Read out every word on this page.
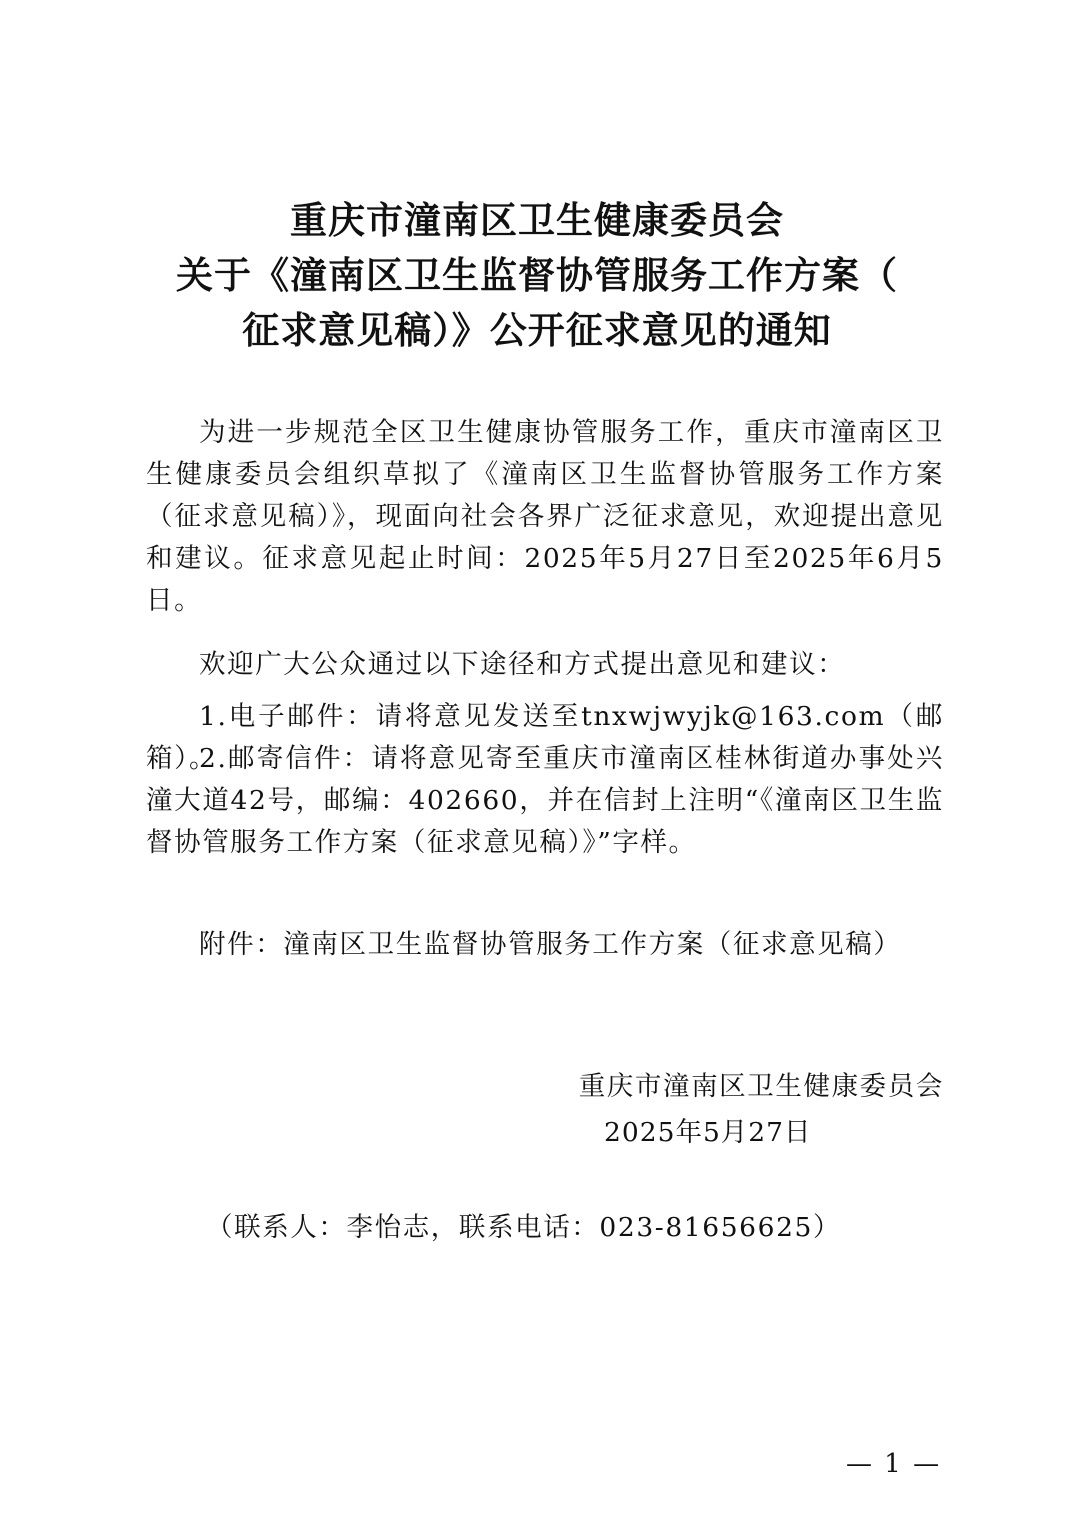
重庆市潼南区卫生健康委员会
关于《潼南区卫生监督协管服务工作方案（
征求意见稿）》公开征求意见的通知
为进一步规范全区卫生健康协管服务工作，重庆市潼南区卫生健康委员会组织草拟了《潼南区卫生监督协管服务工作方案（征求意见稿）》，现面向社会各界广泛征求意见，欢迎提出意见和建议。征求意见起止时间：2025年5月27日至2025年6月5日。
欢迎广大公众通过以下途径和方式提出意见和建议：
1.电子邮件：请将意见发送至tnxwjwyjk@163.com（邮箱）。
2.邮寄信件：请将意见寄至重庆市潼南区桂林街道办事处兴潼大道42号，邮编：402660，并在信封上注明“《潼南区卫生监督协管服务工作方案（征求意见稿）》”字样。
附件：潼南区卫生监督协管服务工作方案（征求意见稿）
重庆市潼南区卫生健康委员会
2025年5月27日
（联系人：李怡志，联系电话：023-81656625）
— 1 —
